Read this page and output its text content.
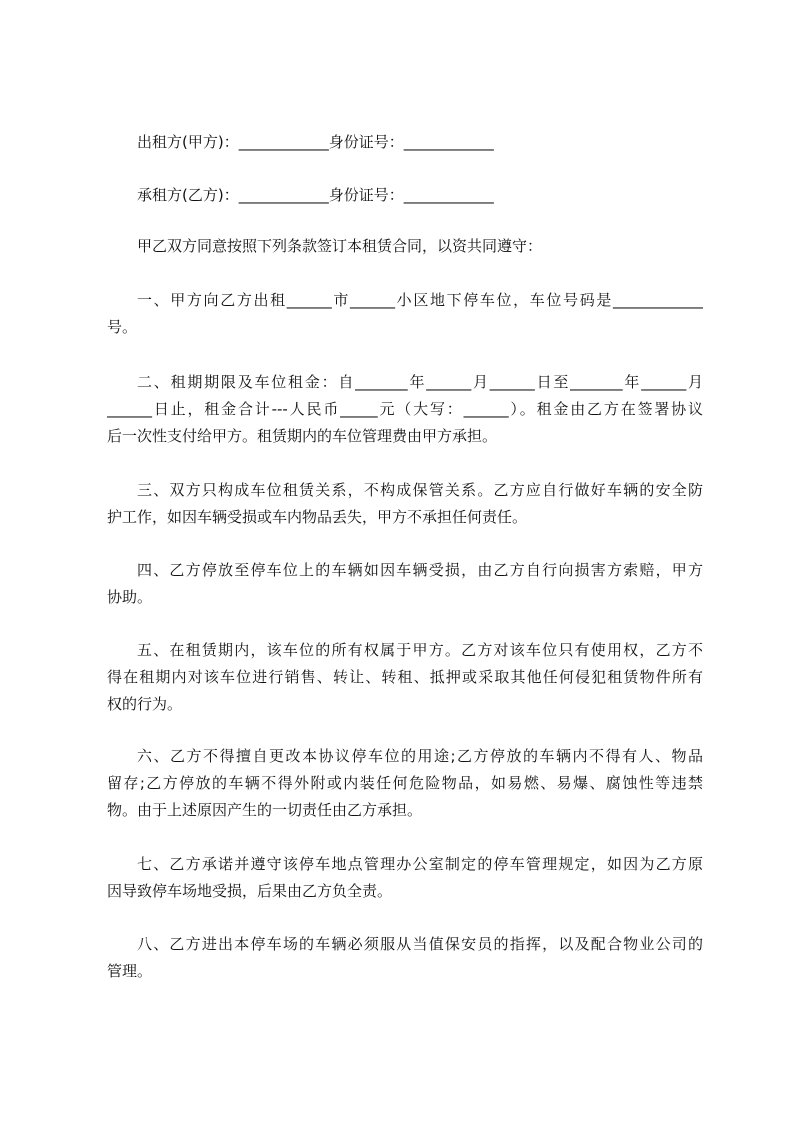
出租方(甲方)：____________身份证号：____________
承租方(乙方)：____________身份证号：____________
甲乙双方同意按照下列条款签订本租赁合同，以资共同遵守：
一、甲方向乙方出租______市______小区地下停车位，车位号码是____________
号。
二、租期期限及车位租金：自_______年______月______日至_______年______月
______日止，租金合计---人民币_____元（大写：______）。租金由乙方在签署协议
后一次性支付给甲方。租赁期内的车位管理费由甲方承担。
三、双方只构成车位租赁关系，不构成保管关系。乙方应自行做好车辆的安全防
护工作，如因车辆受损或车内物品丢失，甲方不承担任何责任。
四、乙方停放至停车位上的车辆如因车辆受损，由乙方自行向损害方索赔，甲方
协助。
五、在租赁期内，该车位的所有权属于甲方。乙方对该车位只有使用权，乙方不
得在租期内对该车位进行销售、转让、转租、抵押或采取其他任何侵犯租赁物件所有
权的行为。
六、乙方不得擅自更改本协议停车位的用途;乙方停放的车辆内不得有人、物品
留存;乙方停放的车辆不得外附或内装任何危险物品，如易燃、易爆、腐蚀性等违禁
物。由于上述原因产生的一切责任由乙方承担。
七、乙方承诺并遵守该停车地点管理办公室制定的停车管理规定，如因为乙方原
因导致停车场地受损，后果由乙方负全责。
八、乙方进出本停车场的车辆必须服从当值保安员的指挥，以及配合物业公司的
管理。
